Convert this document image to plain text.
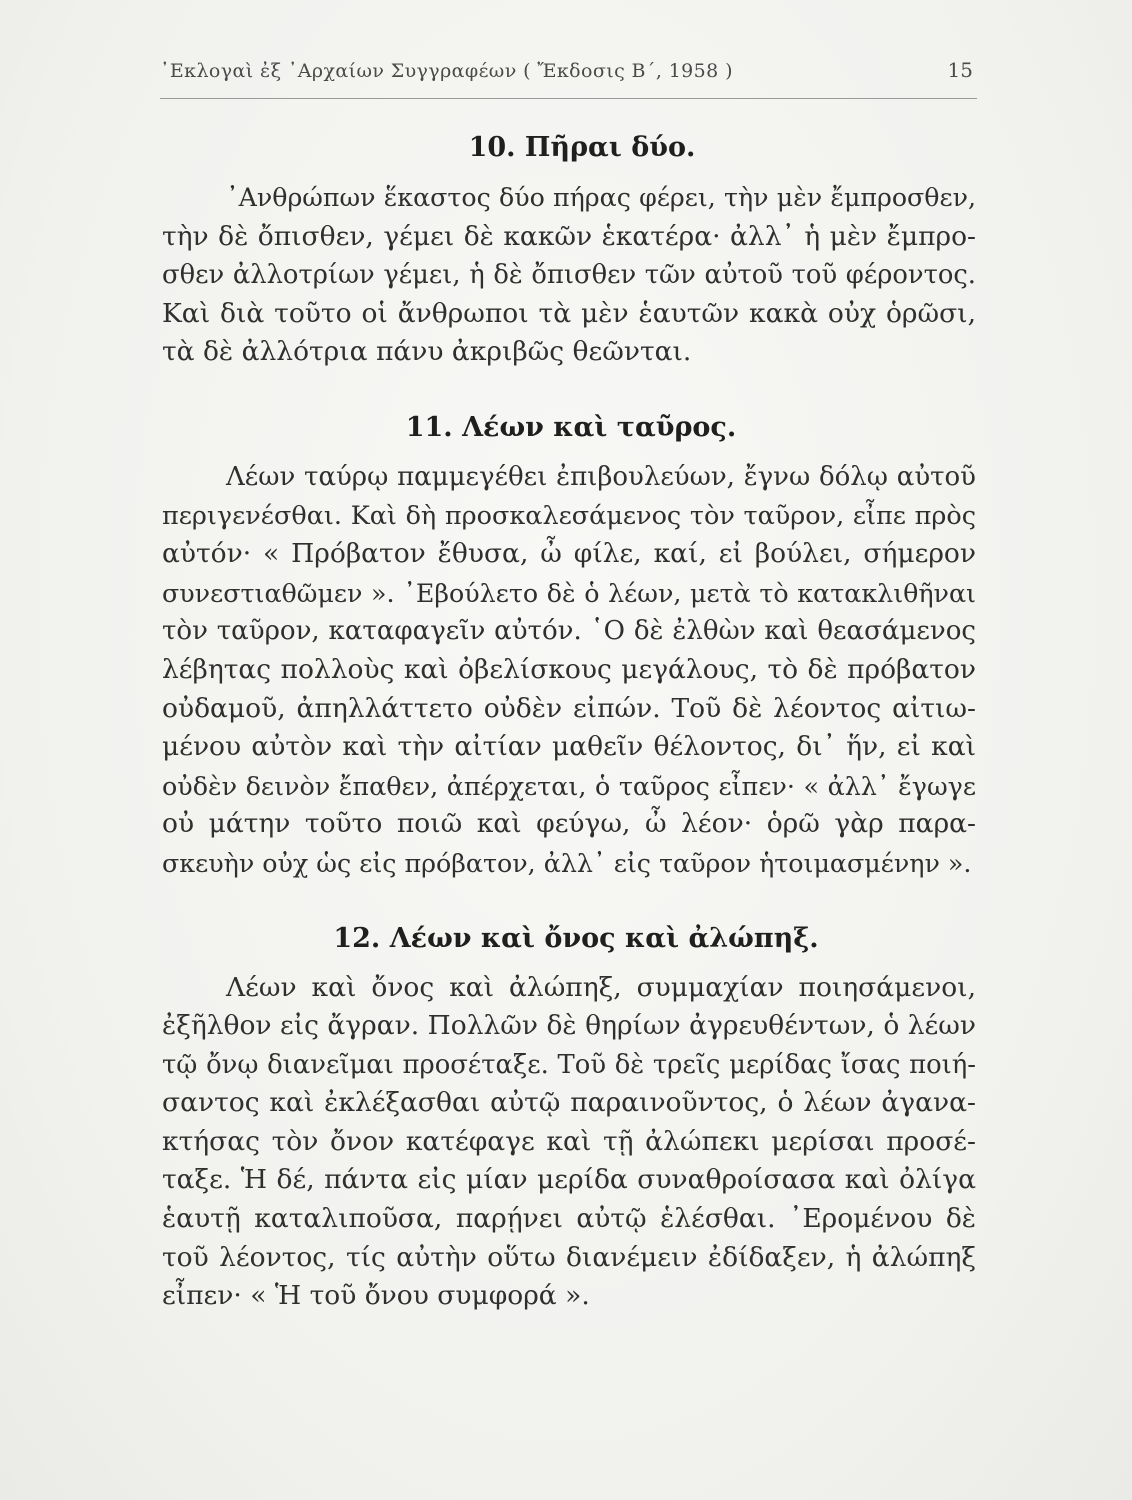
᾽Εκλογαὶ ἐξ ᾽Αρχαίων Συγγραφέων ( Ἔκδοσις Β΄, 1958 )	15
10. Πῆραι δύο.

᾽Ανθρώπων ἕκαστος δύο πήρας φέρει, τὴν μὲν ἔμπροσθεν,
τὴν δὲ ὄπισθεν, γέμει δὲ κακῶν ἑκατέρα· ἀλλ᾽ ἡ μὲν ἔμπρο-
σθεν ἀλλοτρίων γέμει, ἡ δὲ ὄπισθεν τῶν αὐτοῦ τοῦ φέροντος.
Καὶ διὰ τοῦτο οἱ ἄνθρωποι τὰ μὲν ἑαυτῶν κακὰ οὐχ ὁρῶσι,
τὰ δὲ ἀλλότρια πάνυ ἀκριβῶς θεῶνται.

11. Λέων καὶ ταῦρος.

Λέων ταύρῳ παμμεγέθει ἐπιβουλεύων, ἔγνω δόλῳ αὐτοῦ
περιγενέσθαι. Καὶ δὴ προσκαλεσάμενος τὸν ταῦρον, εἶπε πρὸς
αὐτόν· « Πρόβατον ἔθυσα, ὦ φίλε, καί, εἰ βούλει, σήμερον
συνεστιαθῶμεν ». ᾽Εβούλετο δὲ ὁ λέων, μετὰ τὸ κατακλιθῆναι
τὸν ταῦρον, καταφαγεῖν αὐτόν. ῾Ο δὲ ἐλθὼν καὶ θεασάμενος
λέβητας πολλοὺς καὶ ὀβελίσκους μεγάλους, τὸ δὲ πρόβατον
οὐδαμοῦ, ἀπηλλάττετο οὐδὲν εἰπών. Τοῦ δὲ λέοντος αἰτιω-
μένου αὐτὸν καὶ τὴν αἰτίαν μαθεῖν θέλοντος, δι᾽ ἥν, εἰ καὶ
οὐδὲν δεινὸν ἔπαθεν, ἀπέρχεται, ὁ ταῦρος εἶπεν· « ἀλλ᾽ ἔγωγε
οὐ μάτην τοῦτο ποιῶ καὶ φεύγω, ὦ λέον· ὁρῶ γὰρ παρα-
σκευὴν οὐχ ὡς εἰς πρόβατον, ἀλλ᾽ εἰς ταῦρον ἡτοιμασμένην ».

12. Λέων καὶ ὄνος καὶ ἀλώπηξ.

Λέων καὶ ὄνος καὶ ἀλώπηξ, συμμαχίαν ποιησάμενοι,
ἐξῆλθον εἰς ἄγραν. Πολλῶν δὲ θηρίων ἀγρευθέντων, ὁ λέων
τῷ ὄνῳ διανεῖμαι προσέταξε. Τοῦ δὲ τρεῖς μερίδας ἴσας ποιή-
σαντος καὶ ἐκλέξασθαι αὐτῷ παραινοῦντος, ὁ λέων ἀγανα-
κτήσας τὸν ὄνον κατέφαγε καὶ τῇ ἀλώπεκι μερίσαι προσέ-
ταξε. Ἡ δέ, πάντα εἰς μίαν μερίδα συναθροίσασα καὶ ὀλίγα
ἑαυτῇ καταλιποῦσα, παρῄνει αὐτῷ ἑλέσθαι. ᾽Ερομένου δὲ
τοῦ λέοντος, τίς αὐτὴν οὕτω διανέμειν ἐδίδαξεν, ἡ ἀλώπηξ
εἶπεν· « Ἡ τοῦ ὄνου συμφορά ».
